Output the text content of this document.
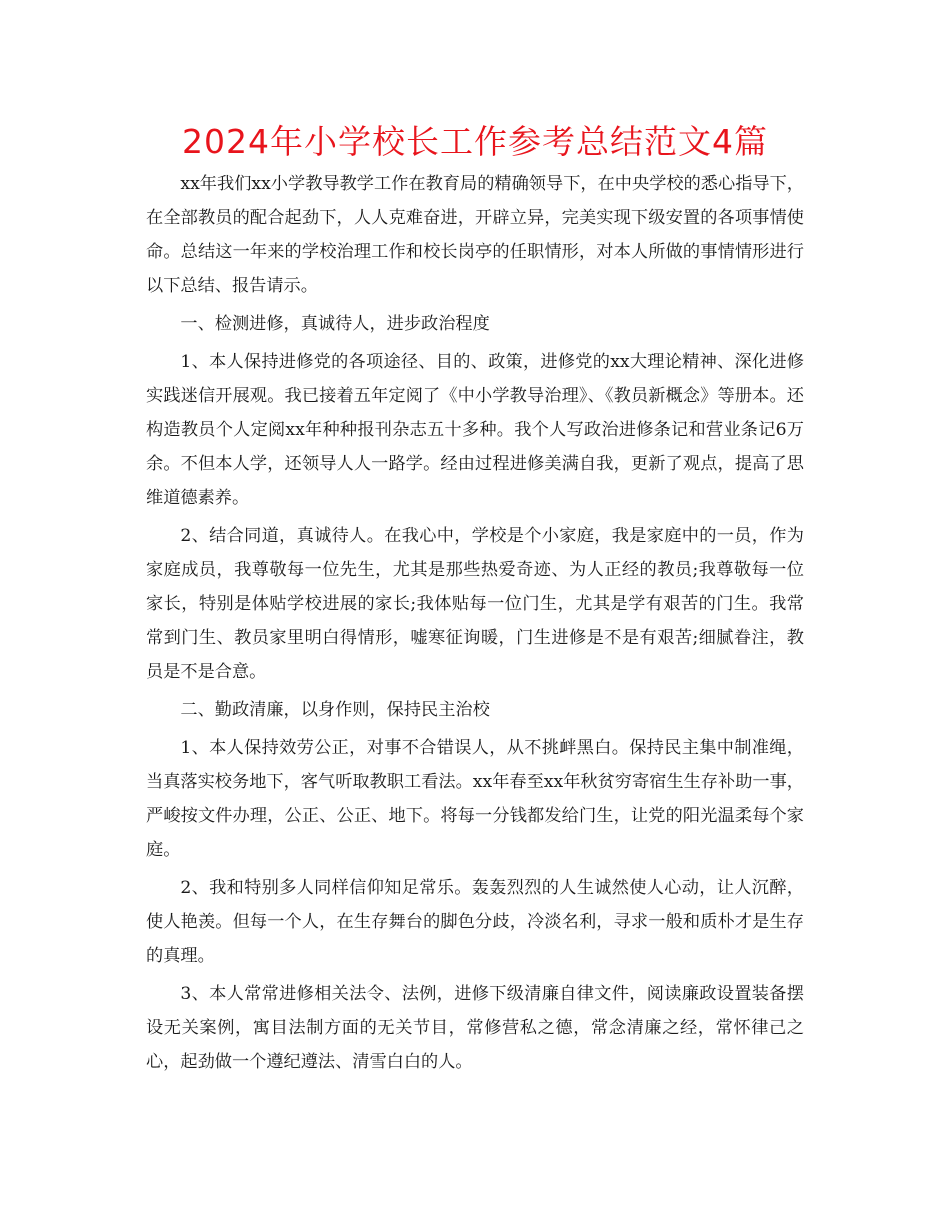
2024年小学校长工作参考总结范文4篇

xx年我们xx小学教导教学工作在教育局的精确领导下，在中央学校的悉心指导下，在全部教员的配合起劲下，人人克难奋进，开辟立异，完美实现下级安置的各项事情使命。总结这一年来的学校治理工作和校长岗亭的任职情形，对本人所做的事情情形进行以下总结、报告请示。

一、检测进修，真诚待人，进步政治程度

1、本人保持进修党的各项途径、目的、政策，进修党的xx大理论精神、深化进修实践迷信开展观。我已接着五年定阅了《中小学教导治理》、《教员新概念》等册本。还构造教员个人定阅xx年种种报刊杂志五十多种。我个人写政治进修条记和营业条记6万余。不但本人学，还领导人人一路学。经由过程进修美满自我，更新了观点，提高了思维道德素养。

2、结合同道，真诚待人。在我心中，学校是个小家庭，我是家庭中的一员，作为家庭成员，我尊敬每一位先生，尤其是那些热爱奇迹、为人正经的教员;我尊敬每一位家长，特别是体贴学校进展的家长;我体贴每一位门生，尤其是学有艰苦的门生。我常常到门生、教员家里明白得情形，嘘寒征询暖，门生进修是不是有艰苦;细腻眷注，教员是不是合意。

二、勤政清廉，以身作则，保持民主治校

1、本人保持效劳公正，对事不合错误人，从不挑衅黑白。保持民主集中制准绳，当真落实校务地下，客气听取教职工看法。xx年春至xx年秋贫穷寄宿生生存补助一事，严峻按文件办理，公正、公正、地下。将每一分钱都发给门生，让党的阳光温柔每个家庭。

2、我和特别多人同样信仰知足常乐。轰轰烈烈的人生诚然使人心动，让人沉醉，使人艳羡。但每一个人，在生存舞台的脚色分歧，冷淡名利，寻求一般和质朴才是生存的真理。

3、本人常常进修相关法令、法例，进修下级清廉自律文件，阅读廉政设置装备摆设无关案例，寓目法制方面的无关节目，常修营私之德，常念清廉之经，常怀律己之心，起劲做一个遵纪遵法、清雪白白的人。
